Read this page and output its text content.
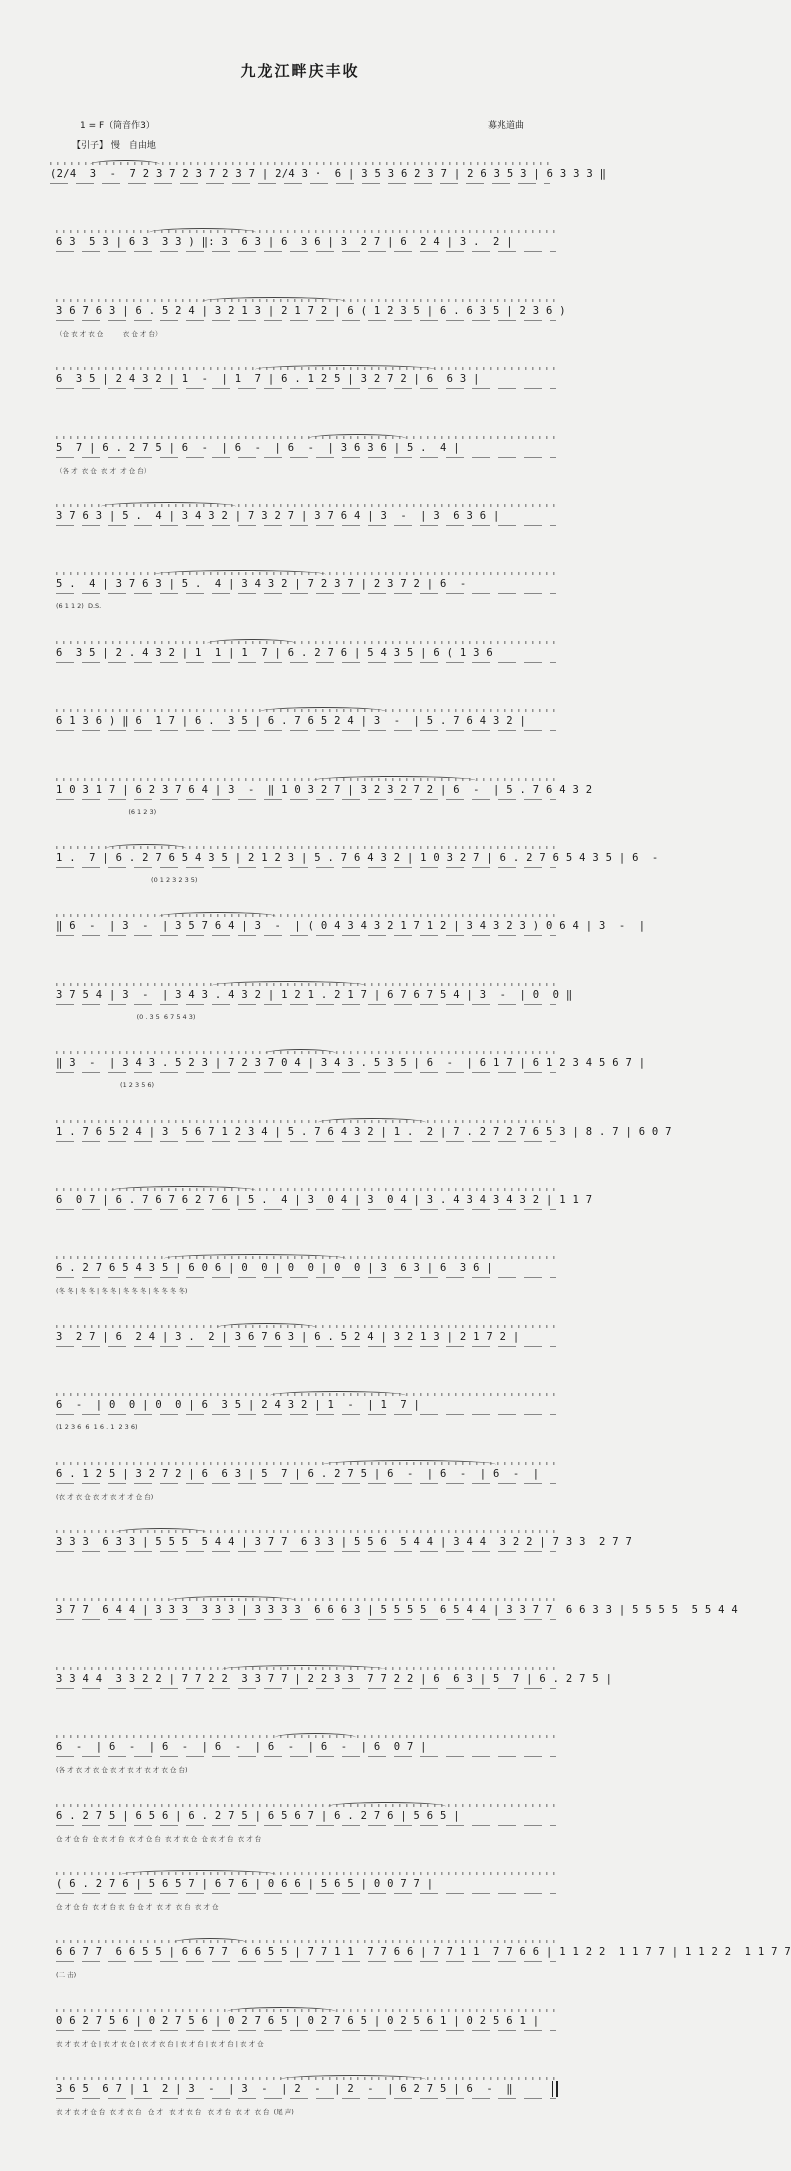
九龙江畔庆丰收
1 = F（筒音作3）	募兆道曲
【引子】 慢　自由地
(2/4  3  -  7 2 3 7 2 3 7 2 3 7 | 2/4 3 ·  6 | 3 5 3 6 2 3 7 | 2 6 3 5 3 | 6 3 3 3 ‖
6 3  5 3 | 6 3  3 3 ) ‖: 3  6 3 | 6  3 6 | 3  2 7 | 6  2 4 | 3 .  2 |
3 6 7 6 3 | 6 . 5 2 4 | 3 2 1 3 | 2 1 7 2 | 6 ( 1 2 3 5 | 6 . 6 3 5 | 2 3 6 )
（仓 衣 才 衣 仓　　　衣 仓 才 台）
6  3 5 | 2 4 3 2 | 1  -  | 1  7 | 6 . 1 2 5 | 3 2 7 2 | 6  6 3 |
5  7 | 6 . 2 7 5 | 6  -  | 6  -  | 6  -  | 3 6 3 6 | 5 .  4 |
（各 才  衣 仓  衣 才  才 仓 台）
3 7 6 3 | 5 .  4 | 3 4 3 2 | 7 3 2 7 | 3 7 6 4 | 3  -  | 3  6 3 6 |
5 .  4 | 3 7 6 3 | 5 .  4 | 3 4 3 2 | 7 2 3 7 | 2 3 7 2 | 6  -
(6 1 1 2)  D.S.
6  3 5 | 2 . 4 3 2 | 1  1 | 1  7 | 6 . 2 7 6 | 5 4 3 5 | 6 ( 1 3 6
6 1 3 6 ) ‖ 6  1 7 | 6 .  3 5 | 6 . 7 6 5 2 4 | 3  -  | 5 . 7 6 4 3 2 |
1 0 3 1 7 | 6 2 3 7 6 4 | 3  -  ‖ 1 0 3 2 7 | 3 2 3 2 7 2 | 6  -  | 5 . 7 6 4 3 2
(6 1 2 3)
1 .  7 | 6 . 2 7 6 5 4 3 5 | 2 1 2 3 | 5 . 7 6 4 3 2 | 1 0 3 2 7 | 6 . 2 7 6 5 4 3 5 | 6  -
(0 1 2 3 2 3 5)
‖ 6  -  | 3  -  | 3 5 7 6 4 | 3  -  | ( 0 4 3 4 3 2 1 7 1 2 | 3 4 3 2 3 ) 0 6 4 | 3  -  |
3 7 5 4 | 3  -  | 3 4 3 . 4 3 2 | 1 2 1 . 2 1 7 | 6 7 6 7 5 4 | 3  -  | 0  0 ‖
(0 . 3 5  6 7 5 4 3)
‖ 3  -  | 3 4 3 . 5 2 3 | 7 2 3 7 0 4 | 3 4 3 . 5 3 5 | 6  -  | 6 1 7 | 6 1 2 3 4 5 6 7 |
(1 2 3 5 6)
1 . 7 6 5 2 4 | 3  5 6 7 1 2 3 4 | 5 . 7 6 4 3 2 | 1 .  2 | 7 . 2 7 2 7 6 5 3 | 8 . 7 | 6 0 7
6  0 7 | 6 . 7 6 7 6 2 7 6 | 5 .  4 | 3  0 4 | 3  0 4 | 3 . 4 3 4 3 4 3 2 | 1 1 7
6 . 2 7 6 5 4 3 5 | 6 0 6 | 0  0 | 0  0 | 0  0 | 3  6 3 | 6  3 6 |
(冬 冬 | 冬 冬 | 冬 冬 | 冬 冬 冬 | 冬 冬 冬 冬)
3  2 7 | 6  2 4 | 3 .  2 | 3 6 7 6 3 | 6 . 5 2 4 | 3 2 1 3 | 2 1 7 2 |
6  -  | 0  0 | 0  0 | 6  3 5 | 2 4 3 2 | 1  -  | 1  7 |
(1 2 3 6  6  1 6 . 1  2 3 6)
6 . 1 2 5 | 3 2 7 2 | 6  6 3 | 5  7 | 6 . 2 7 5 | 6  -  | 6  -  | 6  -  |
(衣 才 衣 仓 衣 才 衣 才 才 仓 台)
3 3 3  6 3 3 | 5 5 5  5 4 4 | 3 7 7  6 3 3 | 5 5 6  5 4 4 | 3 4 4  3 2 2 | 7 3 3  2 7 7
3 7 7  6 4 4 | 3 3 3  3 3 3 | 3 3 3 3  6 6 6 3 | 5 5 5 5  6 5 4 4 | 3 3 7 7  6 6 3 3 | 5 5 5 5  5 5 4 4
3 3 4 4  3 3 2 2 | 7 7 2 2  3 3 7 7 | 2 2 3 3  7 7 2 2 | 6  6 3 | 5  7 | 6 . 2 7 5 |
6  -  | 6  -  | 6  -  | 6  -  | 6  -  | 6  -  | 6  0 7 |
(各 才 衣 才 衣 仓 衣 才 衣 才 衣 才 衣 仓 台)
6 . 2 7 5 | 6 5 6 | 6 . 2 7 5 | 6 5 6 7 | 6 . 2 7 6 | 5 6 5 |
仓 才 仓 台  仓 衣 才 台  衣 才 仓 台  衣 才 衣 仓  仓 衣 才 台  衣 才 台
( 6 . 2 7 6 | 5 6 5 7 | 6 7 6 | 0 6 6 | 5 6 5 | 0 0 7 7 |
仓 才 仓 台  衣 才 台 衣  台 仓 才  衣 才  衣 台  衣 才 仓
6 6 7 7  6 6 5 5 | 6 6 7 7  6 6 5 5 | 7 7 1 1  7 7 6 6 | 7 7 1 1  7 7 6 6 | 1 1 2 2  1 1 7 7 | 1 1 2 2  1 1 7 7
(二 击)
0 6 2 7 5 6 | 0 2 7 5 6 | 0 2 7 6 5 | 0 2 7 6 5 | 0 2 5 6 1 | 0 2 5 6 1 |
衣 才 衣 才 仓 | 衣 才 衣 仓 | 衣 才 衣 台 | 衣 才 台 | 衣 才 台 | 衣 才 仓
3 6 5  6 7 | 1  2 | 3  -  | 3  -  | 2  -  | 2  -  | 6 2 7 5 | 6  -  ‖
衣 才 衣 才 仓 台  衣 才 衣 台   仓 才   衣 才 衣 台   衣 才 台  衣 才  衣 台  (尾 声)
